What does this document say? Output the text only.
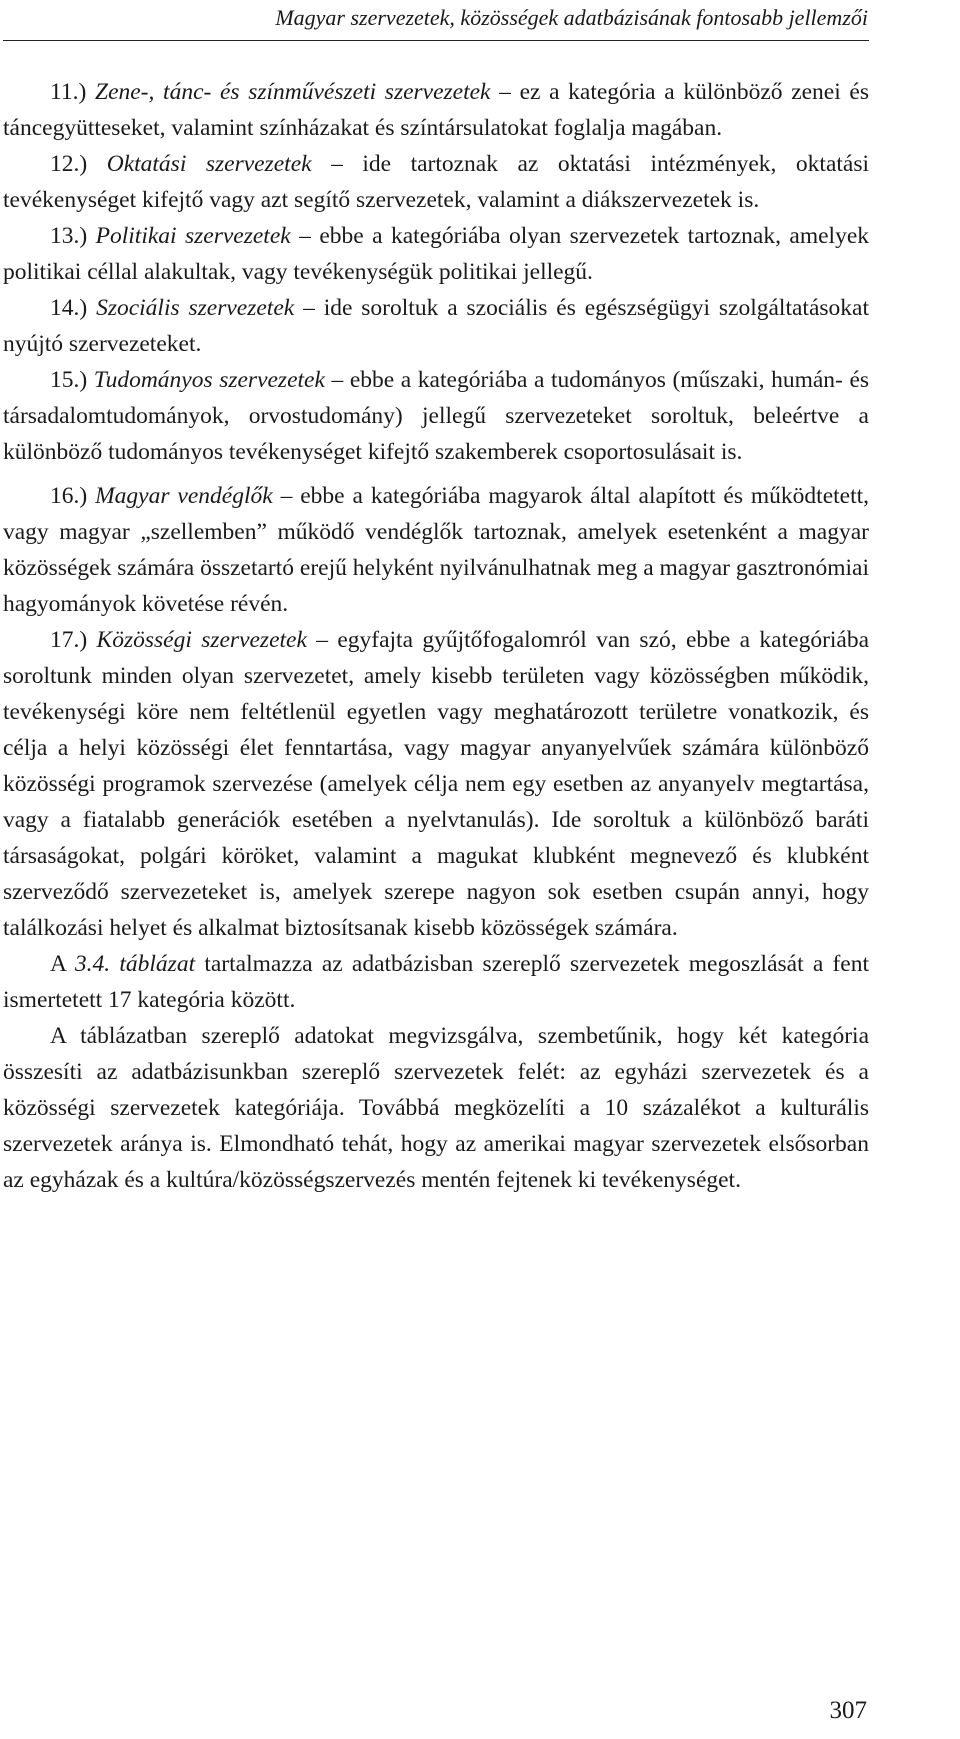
Magyar szervezetek, közösségek adatbázisának fontosabb jellemzői

11.) Zene-, tánc- és színművészeti szervezetek – ez a kategória a különböző zenei és táncegyütteseket, valamint színházakat és színtársulatokat foglalja magában.

12.) Oktatási szervezetek – ide tartoznak az oktatási intézmények, oktatási tevékenységet kifejtő vagy azt segítő szervezetek, valamint a diákszervezetek is.

13.) Politikai szervezetek – ebbe a kategóriába olyan szervezetek tartoznak, amelyek politikai céllal alakultak, vagy tevékenységük politikai jellegű.

14.) Szociális szervezetek – ide soroltuk a szociális és egészségügyi szolgáltatásokat nyújtó szervezeteket.

15.) Tudományos szervezetek – ebbe a kategóriába a tudományos (műszaki, humán- és társadalomtudományok, orvostudomány) jellegű szervezeteket soroltuk, beleértve a különböző tudományos tevékenységet kifejtő szakemberek csoportosulásait is.

16.) Magyar vendéglők – ebbe a kategóriába magyarok által alapított és működtetett, vagy magyar „szellemben” működő vendéglők tartoznak, amelyek esetenként a magyar közösségek számára összetartó erejű helyként nyilvánulhatnak meg a magyar gasztronómiai hagyományok követése révén.

17.) Közösségi szervezetek – egyfajta gyűjtőfogalomról van szó, ebbe a kategóriába soroltunk minden olyan szervezetet, amely kisebb területen vagy közösségben működik, tevékenységi köre nem feltétlenül egyetlen vagy meghatározott területre vonatkozik, és célja a helyi közösségi élet fenntartása, vagy magyar anyanyelvűek számára különböző közösségi programok szervezése (amelyek célja nem egy esetben az anyanyelv megtartása, vagy a fiatalabb generációk esetében a nyelvtanulás). Ide soroltuk a különböző baráti társaságokat, polgári köröket, valamint a magukat klubként megnevező és klubként szerveződő szervezeteket is, amelyek szerepe nagyon sok esetben csupán annyi, hogy találkozási helyet és alkalmat biztosítsanak kisebb közösségek számára.

A 3.4. táblázat tartalmazza az adatbázisban szereplő szervezetek megoszlását a fent ismertetett 17 kategória között.

A táblázatban szereplő adatokat megvizsgálva, szembetűnik, hogy két kategória összesíti az adatbázisunkban szereplő szervezetek felét: az egyházi szervezetek és a közösségi szervezetek kategóriája. Továbbá megközelíti a 10 százalékot a kulturális szervezetek aránya is. Elmondható tehát, hogy az amerikai magyar szervezetek elsősorban az egyházak és a kultúra/közösségszervezés mentén fejtenek ki tevékenységet.

307
